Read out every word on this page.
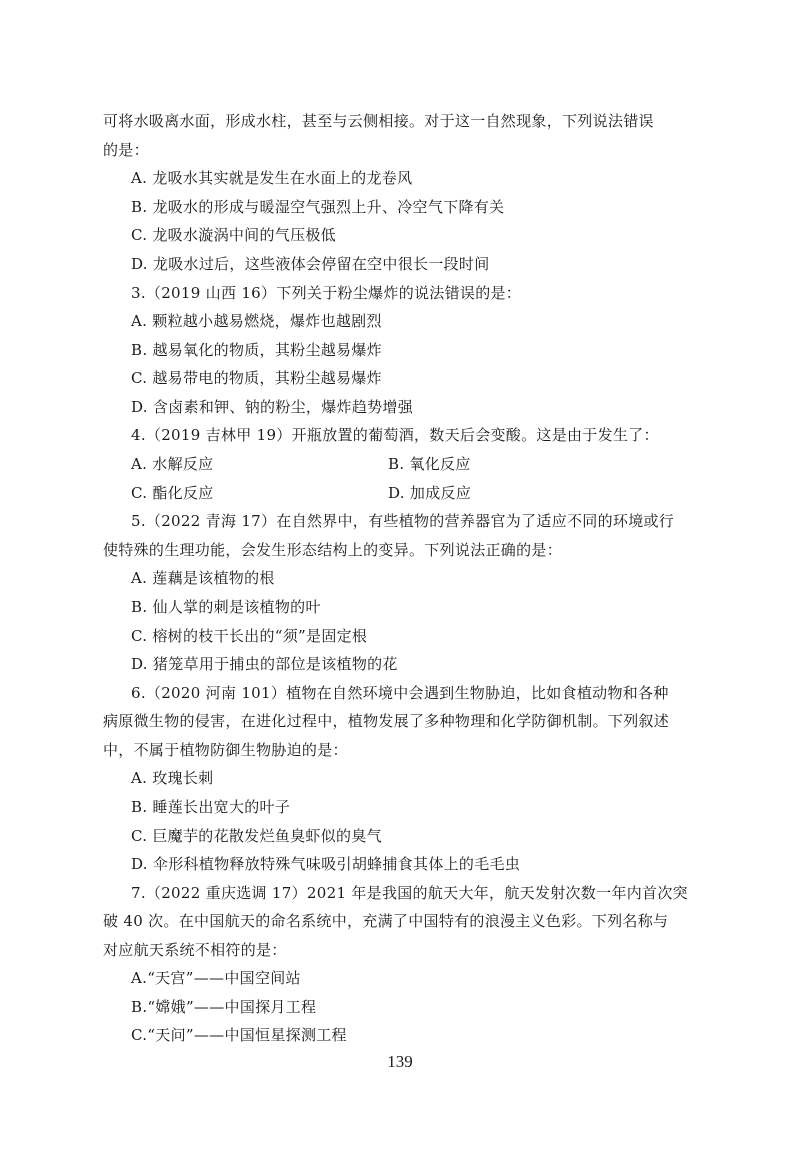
可将水吸离水面，形成水柱，甚至与云侧相接。对于这一自然现象，下列说法错误
的是：
A. 龙吸水其实就是发生在水面上的龙卷风
B. 龙吸水的形成与暖湿空气强烈上升、冷空气下降有关
C. 龙吸水漩涡中间的气压极低
D. 龙吸水过后，这些液体会停留在空中很长一段时间
3.（2019 山西 16）下列关于粉尘爆炸的说法错误的是：
A. 颗粒越小越易燃烧，爆炸也越剧烈
B. 越易氧化的物质，其粉尘越易爆炸
C. 越易带电的物质，其粉尘越易爆炸
D. 含卤素和钾、钠的粉尘，爆炸趋势增强
4.（2019 吉林甲 19）开瓶放置的葡萄酒，数天后会变酸。这是由于发生了：
A. 水解反应	B. 氧化反应
C. 酯化反应	D. 加成反应
5.（2022 青海 17）在自然界中，有些植物的营养器官为了适应不同的环境或行
使特殊的生理功能，会发生形态结构上的变异。下列说法正确的是：
A. 莲藕是该植物的根
B. 仙人掌的刺是该植物的叶
C. 榕树的枝干长出的“须”是固定根
D. 猪笼草用于捕虫的部位是该植物的花
6.（2020 河南 101）植物在自然环境中会遇到生物胁迫，比如食植动物和各种
病原微生物的侵害，在进化过程中，植物发展了多种物理和化学防御机制。下列叙述
中，不属于植物防御生物胁迫的是：
A. 玫瑰长刺
B. 睡莲长出宽大的叶子
C. 巨魔芋的花散发烂鱼臭虾似的臭气
D. 伞形科植物释放特殊气味吸引胡蜂捕食其体上的毛毛虫
7.（2022 重庆选调 17）2021 年是我国的航天大年，航天发射次数一年内首次突
破 40 次。在中国航天的命名系统中，充满了中国特有的浪漫主义色彩。下列名称与
对应航天系统不相符的是：
A.“天宫”——中国空间站
B.“嫦娥”——中国探月工程
C.“天问”——中国恒星探测工程
139
